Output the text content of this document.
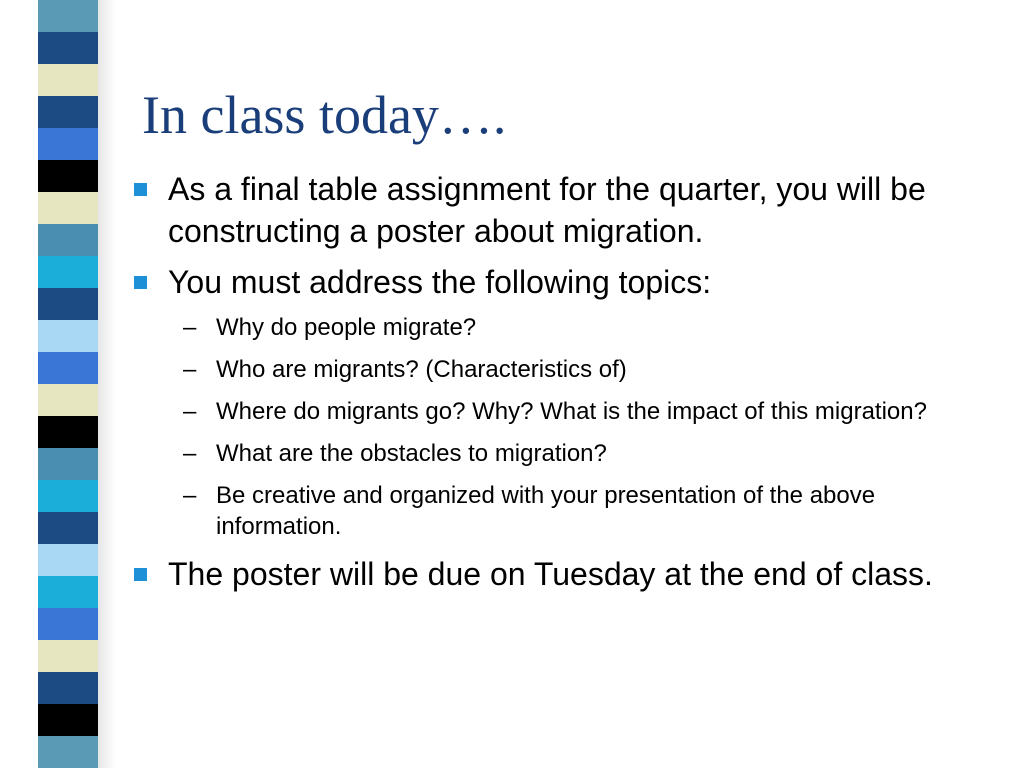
In class today….
As a final table assignment for the quarter, you will be constructing a poster about migration.
You must address the following topics:
– Why do people migrate?
– Who are migrants? (Characteristics of)
– Where do migrants go? Why? What is the impact of this migration?
– What are the obstacles to migration?
– Be creative and organized with your presentation of the above information.
The poster will be due on Tuesday at the end of class.
